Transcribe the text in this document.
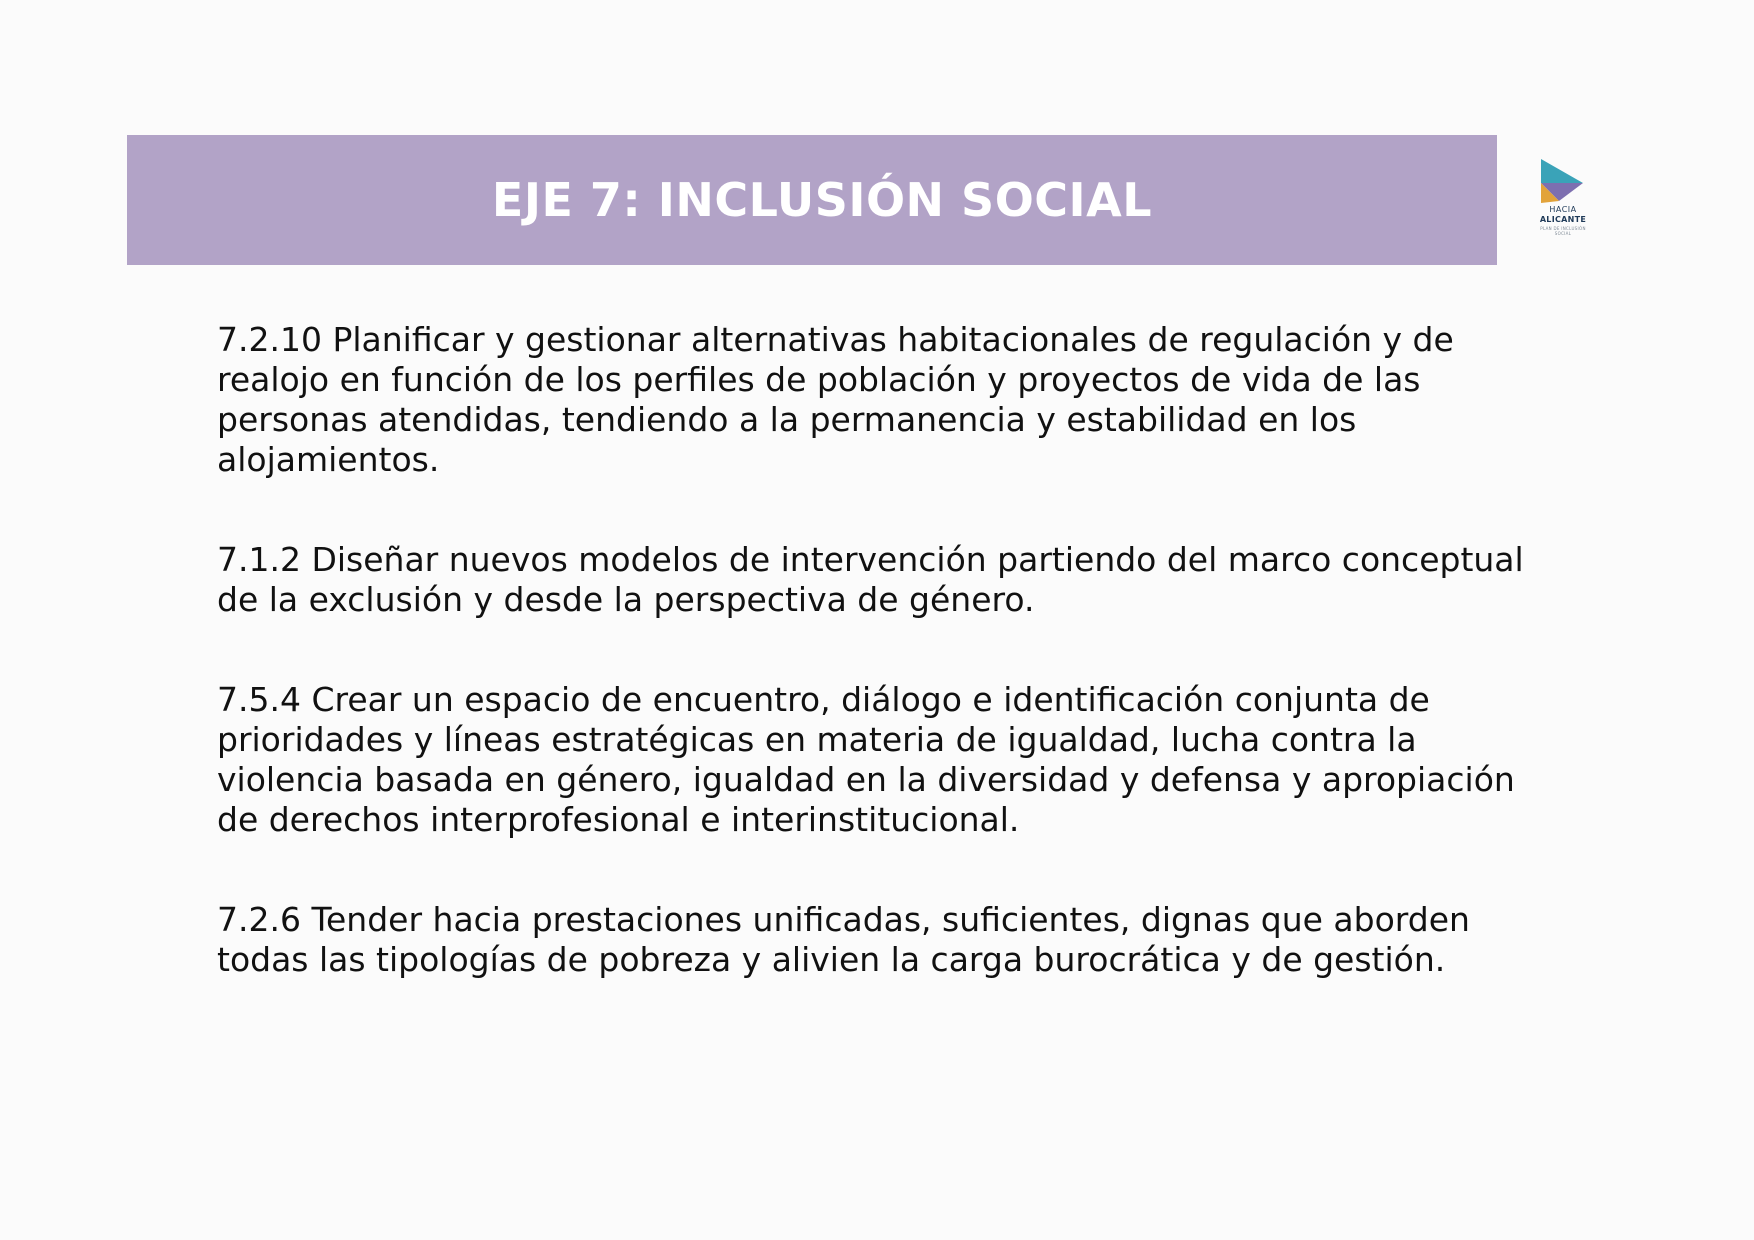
EJE 7: INCLUSIÓN SOCIAL	HACIA
ALICANTE
PLAN DE INCLUSIÓN SOCIAL

7.2.10 Planificar y gestionar alternativas habitacionales de regulación y de realojo en función de los perfiles de población y proyectos de vida de las personas atendidas, tendiendo a la permanencia y estabilidad en los alojamientos.

7.1.2 Diseñar nuevos modelos de intervención partiendo del marco conceptual de la exclusión y desde la perspectiva de género.

7.5.4 Crear un espacio de encuentro, diálogo e identificación conjunta de prioridades y líneas estratégicas en materia de igualdad, lucha contra la violencia basada en género, igualdad en la diversidad y defensa y apropiación de derechos interprofesional e interinstitucional.

7.2.6 Tender hacia prestaciones unificadas, suficientes, dignas que aborden todas las tipologías de pobreza y alivien la carga burocrática y de gestión.
